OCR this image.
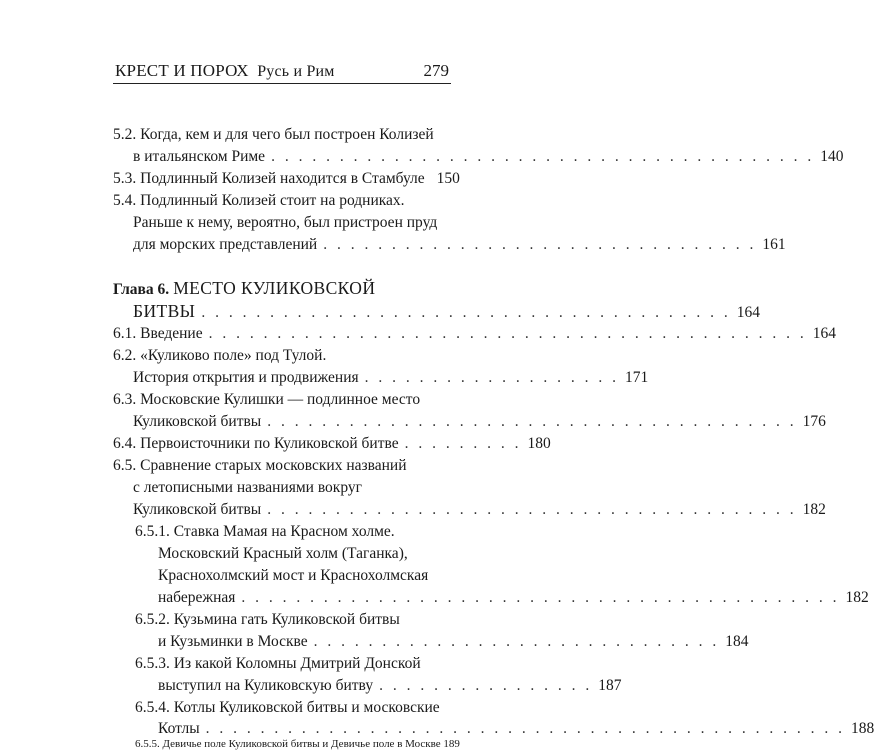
КРЕСТ И ПОРОХ Русь и Рим	279
5.2. Когда, кем и для чего был построен Колизей
в итальянском Риме . . . . . . . . . . . . . . . . . . . . . . . . . . . . . . . . . . . . . . . . 140
5.3. Подлинный Колизей находится в Стамбуле 150
5.4. Подлинный Колизей стоит на родниках.
Раньше к нему, вероятно, был пристроен пруд
для морских представлений . . . . . . . . . . . . . . . . . . . . . . . . . . . . . . . . 161
Глава 6. МЕСТО КУЛИКОВСКОЙ
БИТВЫ . . . . . . . . . . . . . . . . . . . . . . . . . . . . . . . . . . . . . . . 164
6.1. Введение . . . . . . . . . . . . . . . . . . . . . . . . . . . . . . . . . . . . . . . . . . . . 164
6.2. «Куликово поле» под Тулой.
История открытия и продвижения . . . . . . . . . . . . . . . . . . . 171
6.3. Московские Кулишки — подлинное место
Куликовской битвы . . . . . . . . . . . . . . . . . . . . . . . . . . . . . . . . . . . . . . . 176
6.4. Первоисточники по Куликовской битве . . . . . . . . . 180
6.5. Сравнение старых московских названий
с летописными названиями вокруг
Куликовской битвы . . . . . . . . . . . . . . . . . . . . . . . . . . . . . . . . . . . . . . . 182
6.5.1. Ставка Мамая на Красном холме.
Московский Красный холм (Таганка),
Краснохолмский мост и Краснохолмская
набережная . . . . . . . . . . . . . . . . . . . . . . . . . . . . . . . . . . . . . . . . . . . . 182
6.5.2. Кузьмина гать Куликовской битвы
и Кузьминки в Москве . . . . . . . . . . . . . . . . . . . . . . . . . . . . . . 184
6.5.3. Из какой Коломны Дмитрий Донской
выступил на Куликовскую битву . . . . . . . . . . . . . . . . 187
6.5.4. Котлы Куликовской битвы и московские
Котлы . . . . . . . . . . . . . . . . . . . . . . . . . . . . . . . . . . . . . . . . . . . . . . . 188
6.5.5. Девичье поле Куликовской битвы и Девичье поле в Москве 189
